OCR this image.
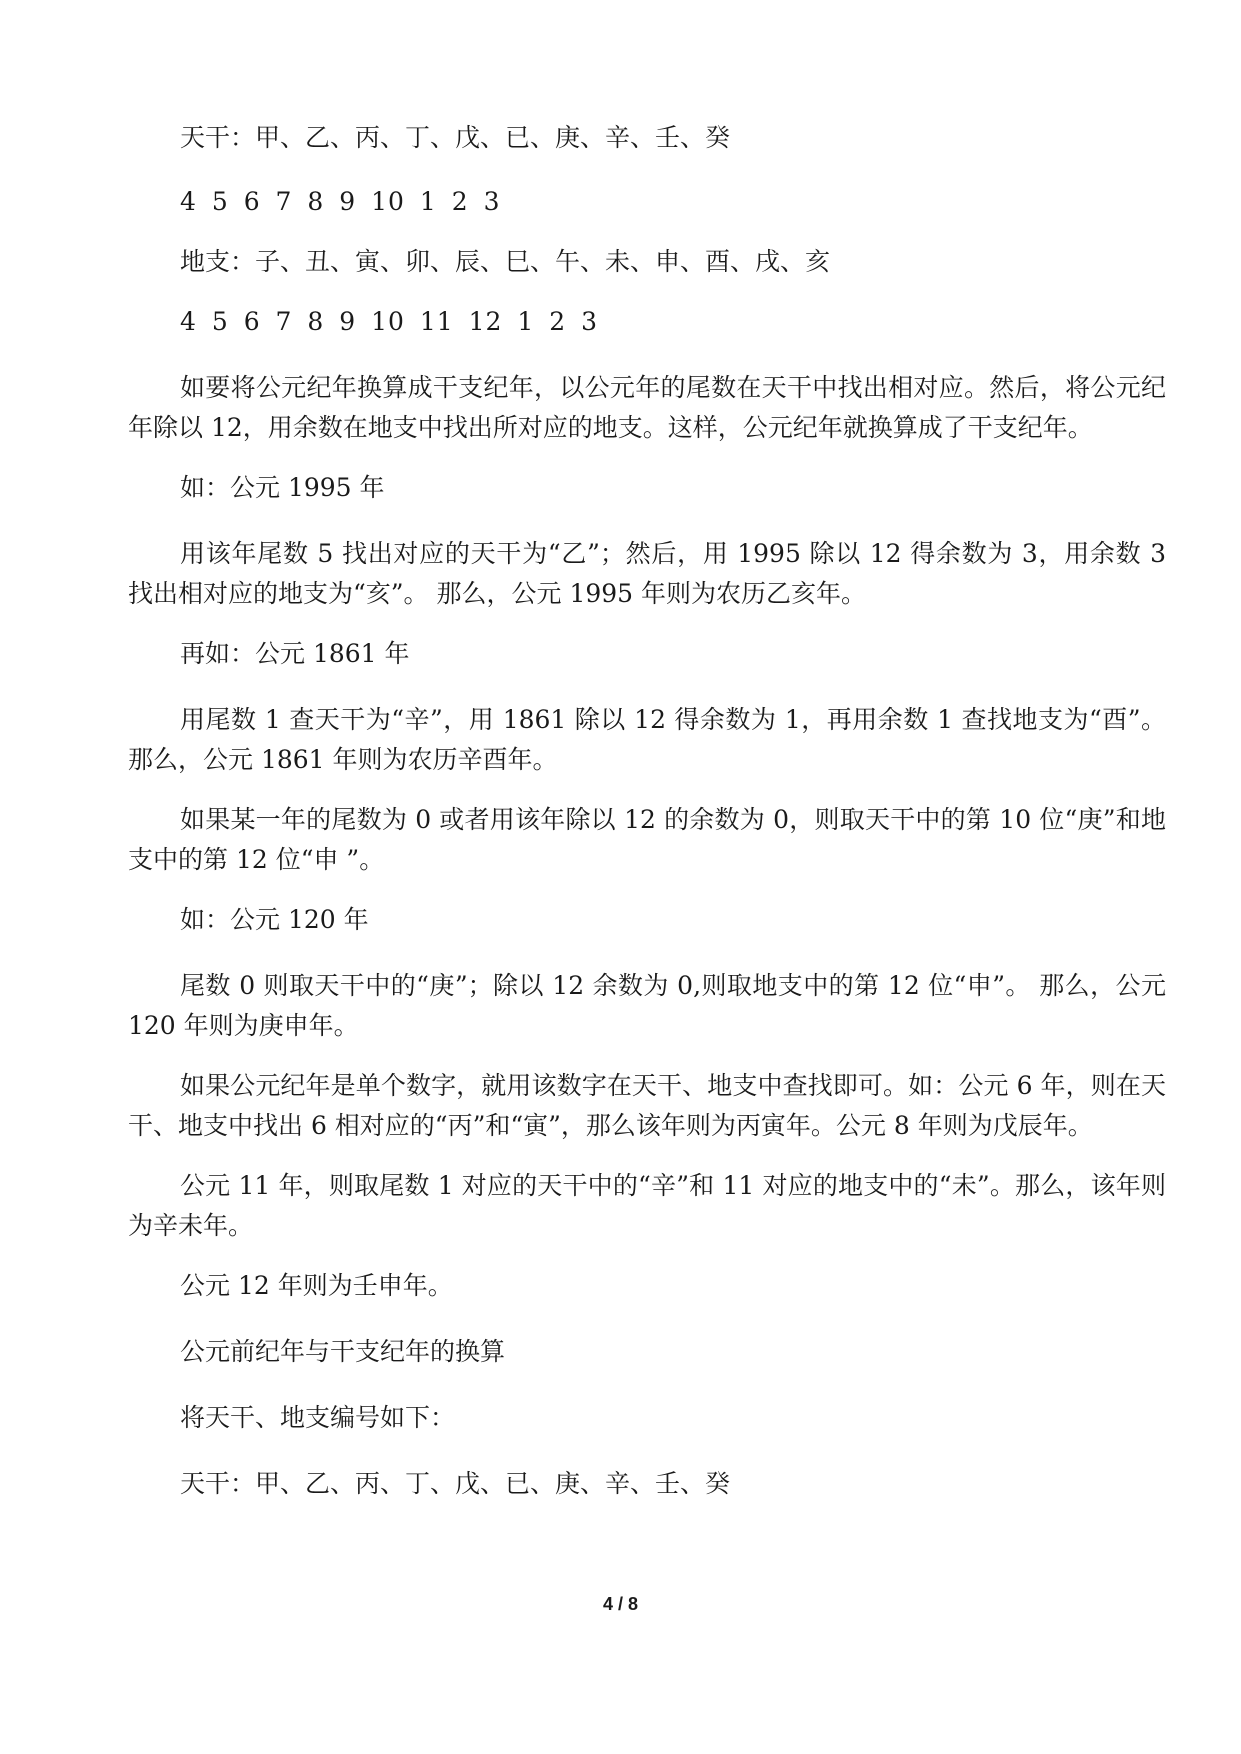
天干：甲、乙、丙、丁、戊、已、庚、辛、壬、癸

4 5 6 7 8 9 10 1 2 3

地支：子、丑、寅、卯、辰、巳、午、未、申、酉、戌、亥

4 5 6 7 8 9 10 11 12 1 2 3

如要将公元纪年换算成干支纪年，以公元年的尾数在天干中找出相对应。然后，将公元纪年除以 12，用余数在地支中找出所对应的地支。这样，公元纪年就换算成了干支纪年。

如：公元 1995 年

用该年尾数 5 找出对应的天干为“乙”；然后，用 1995 除以 12 得余数为 3，用余数 3 找出相对应的地支为“亥”。 那么，公元 1995 年则为农历乙亥年。

再如：公元 1861 年

用尾数 1 查天干为“辛”，用 1861 除以 12 得余数为 1，再用余数 1 查找地支为“酉”。那么，公元 1861 年则为农历辛酉年。

如果某一年的尾数为 0 或者用该年除以 12 的余数为 0，则取天干中的第 10 位“庚”和地支中的第 12 位“申 ”。

如：公元 120 年

尾数 0 则取天干中的“庚”；除以 12 余数为 0,则取地支中的第 12 位“申”。 那么，公元 120 年则为庚申年。

如果公元纪年是单个数字，就用该数字在天干、地支中查找即可。如：公元 6 年，则在天干、地支中找出 6 相对应的“丙”和“寅”，那么该年则为丙寅年。公元 8 年则为戊辰年。

公元 11 年，则取尾数 1 对应的天干中的“辛”和 11 对应的地支中的“未”。那么，该年则为辛未年。

公元 12 年则为壬申年。

公元前纪年与干支纪年的换算

将天干、地支编号如下：

天干：甲、乙、丙、丁、戊、已、庚、辛、壬、癸

4 / 8
